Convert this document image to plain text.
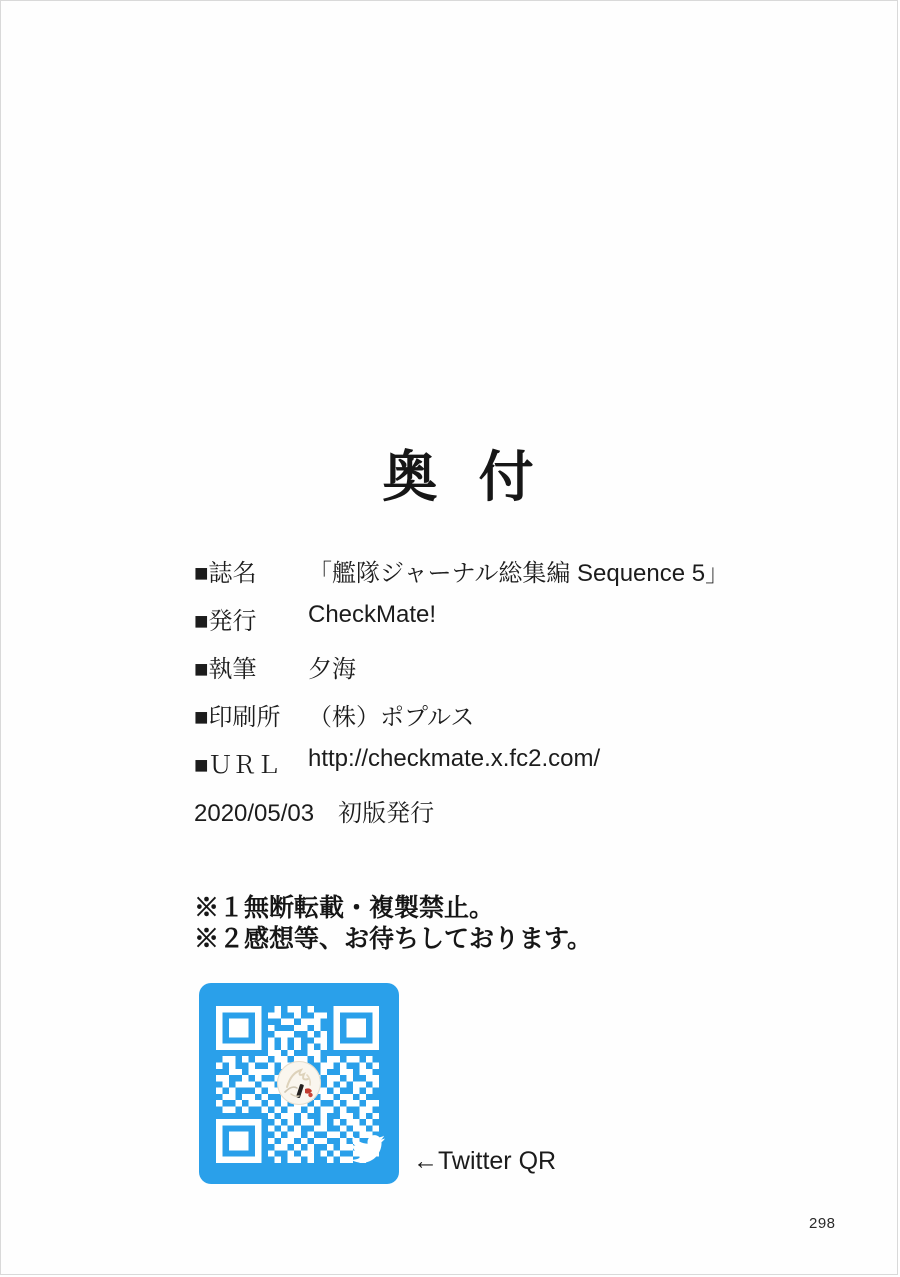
奥 付
■誌名	「艦隊ジャーナル総集編 Sequence 5」
■発行	CheckMate!
■執筆	夕海
■印刷所	（株）ポプルス
■ＵＲＬ	http://checkmate.x.fc2.com/
2020/05/03　初版発行
※１無断転載・複製禁止。
※２感想等、お待ちしております。
←Twitter QR
298
